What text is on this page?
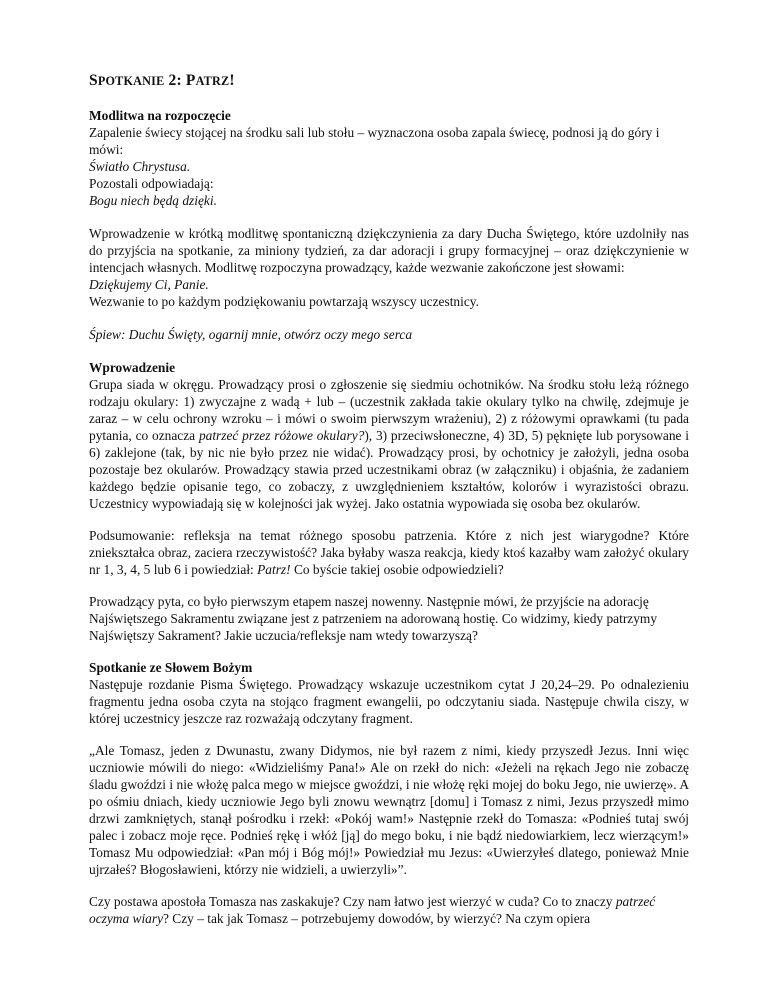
SPOTKANIE 2: PATRZ!

Modlitwa na rozpoczęcie

Zapalenie świecy stojącej na środku sali lub stołu – wyznaczona osoba zapala świecę, podnosi ją do góry i mówi:

Światło Chrystusa.

Pozostali odpowiadają:

Bogu niech będą dzięki.

Wprowadzenie w krótką modlitwę spontaniczną dziękczynienia za dary Ducha Świętego, które uzdolniły nas do przyjścia na spotkanie, za miniony tydzień, za dar adoracji i grupy formacyjnej – oraz dziękczynienie w intencjach własnych. Modlitwę rozpoczyna prowadzący, każde wezwanie zakończone jest słowami:

Dziękujemy Ci, Panie.

Wezwanie to po każdym podziękowaniu powtarzają wszyscy uczestnicy.

Śpiew: Duchu Święty, ogarnij mnie, otwórz oczy mego serca

Wprowadzenie

Grupa siada w okręgu. Prowadzący prosi o zgłoszenie się siedmiu ochotników. Na środku stołu leżą różnego rodzaju okulary: 1) zwyczajne z wadą + lub – (uczestnik zakłada takie okulary tylko na chwilę, zdejmuje je zaraz – w celu ochrony wzroku – i mówi o swoim pierwszym wrażeniu), 2) z różowymi oprawkami (tu pada pytania, co oznacza patrzeć przez różowe okulary?), 3) przeciwsłoneczne, 4) 3D, 5) pęknięte lub porysowane i 6) zaklejone (tak, by nic nie było przez nie widać). Prowadzący prosi, by ochotnicy je założyli, jedna osoba pozostaje bez okularów. Prowadzący stawia przed uczestnikami obraz (w załączniku) i objaśnia, że zadaniem każdego będzie opisanie tego, co zobaczy, z uwzględnieniem kształtów, kolorów i wyrazistości obrazu. Uczestnicy wypowiadają się w kolejności jak wyżej. Jako ostatnia wypowiada się osoba bez okularów.

Podsumowanie: refleksja na temat różnego sposobu patrzenia. Które z nich jest wiarygodne? Które zniekształca obraz, zaciera rzeczywistość? Jaka byłaby wasza reakcja, kiedy ktoś kazałby wam założyć okulary nr 1, 3, 4, 5 lub 6 i powiedział: Patrz! Co byście takiej osobie odpowiedzieli?

Prowadzący pyta, co było pierwszym etapem naszej nowenny. Następnie mówi, że przyjście na adorację Najświętszego Sakramentu związane jest z patrzeniem na adorowaną hostię. Co widzimy, kiedy patrzymy Najświętszy Sakrament? Jakie uczucia/refleksje nam wtedy towarzyszą?

Spotkanie ze Słowem Bożym

Następuje rozdanie Pisma Świętego. Prowadzący wskazuje uczestnikom cytat J 20,24–29. Po odnalezieniu fragmentu jedna osoba czyta na stojąco fragment ewangelii, po odczytaniu siada. Następuje chwila ciszy, w której uczestnicy jeszcze raz rozważają odczytany fragment.

„Ale Tomasz, jeden z Dwunastu, zwany Didymos, nie był razem z nimi, kiedy przyszedł Jezus. Inni więc uczniowie mówili do niego: «Widzieliśmy Pana!» Ale on rzekł do nich: «Jeżeli na rękach Jego nie zobaczę śladu gwoździ i nie włożę palca mego w miejsce gwoździ, i nie włożę ręki mojej do boku Jego, nie uwierzę». A po ośmiu dniach, kiedy uczniowie Jego byli znowu wewnątrz [domu] i Tomasz z nimi, Jezus przyszedł mimo drzwi zamkniętych, stanął pośrodku i rzekł: «Pokój wam!» Następnie rzekł do Tomasza: «Podnieś tutaj swój palec i zobacz moje ręce. Podnieś rękę i włóż [ją] do mego boku, i nie bądź niedowiarkiem, lecz wierzącym!» Tomasz Mu odpowiedział: «Pan mój i Bóg mój!» Powiedział mu Jezus: «Uwierzyłeś dlatego, ponieważ Mnie ujrzałeś? Błogosławieni, którzy nie widzieli, a uwierzyli»”.

Czy postawa apostoła Tomasza nas zaskakuje? Czy nam łatwo jest wierzyć w cuda? Co to znaczy patrzeć oczyma wiary? Czy – tak jak Tomasz – potrzebujemy dowodów, by wierzyć? Na czym opiera
